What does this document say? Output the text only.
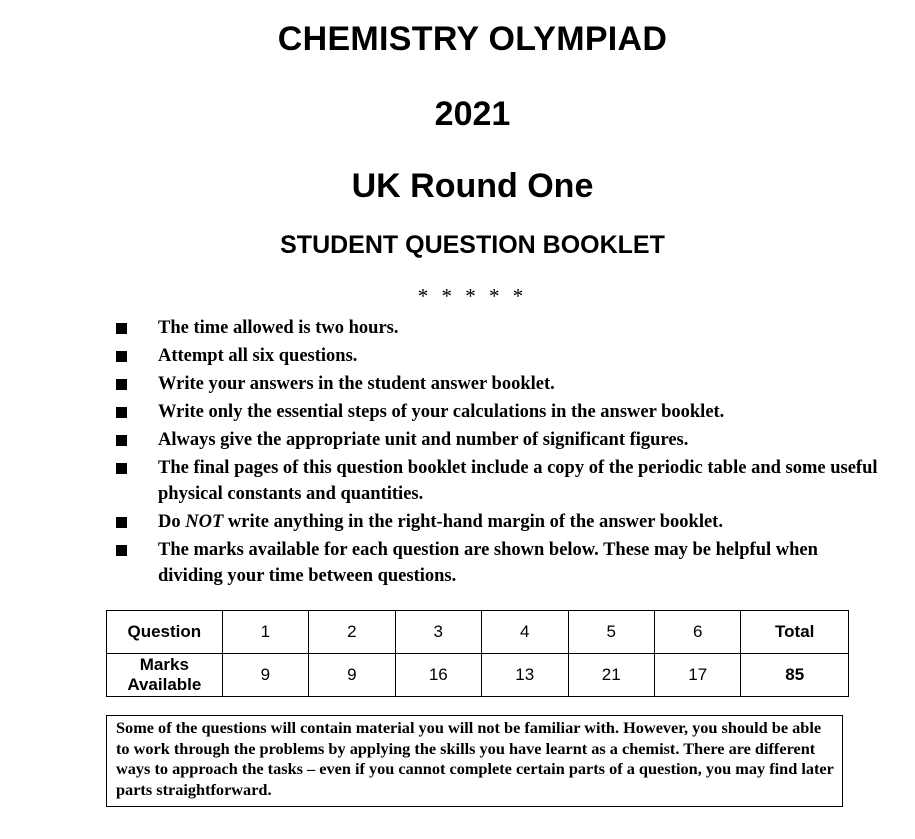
CHEMISTRY OLYMPIAD
2021
UK Round One
STUDENT QUESTION BOOKLET
* * * * *
The time allowed is two hours.
Attempt all six questions.
Write your answers in the student answer booklet.
Write only the essential steps of your calculations in the answer booklet.
Always give the appropriate unit and number of significant figures.
The final pages of this question booklet include a copy of the periodic table and some useful physical constants and quantities.
Do NOT write anything in the right-hand margin of the answer booklet.
The marks available for each question are shown below. These may be helpful when dividing your time between questions.
Question	1	2	3	4	5	6	Total
Marks
Available	9	9	16	13	21	17	85
Some of the questions will contain material you will not be familiar with. However, you should be able to work through the problems by applying the skills you have learnt as a chemist. There are different ways to approach the tasks – even if you cannot complete certain parts of a question, you may find later parts straightforward.
